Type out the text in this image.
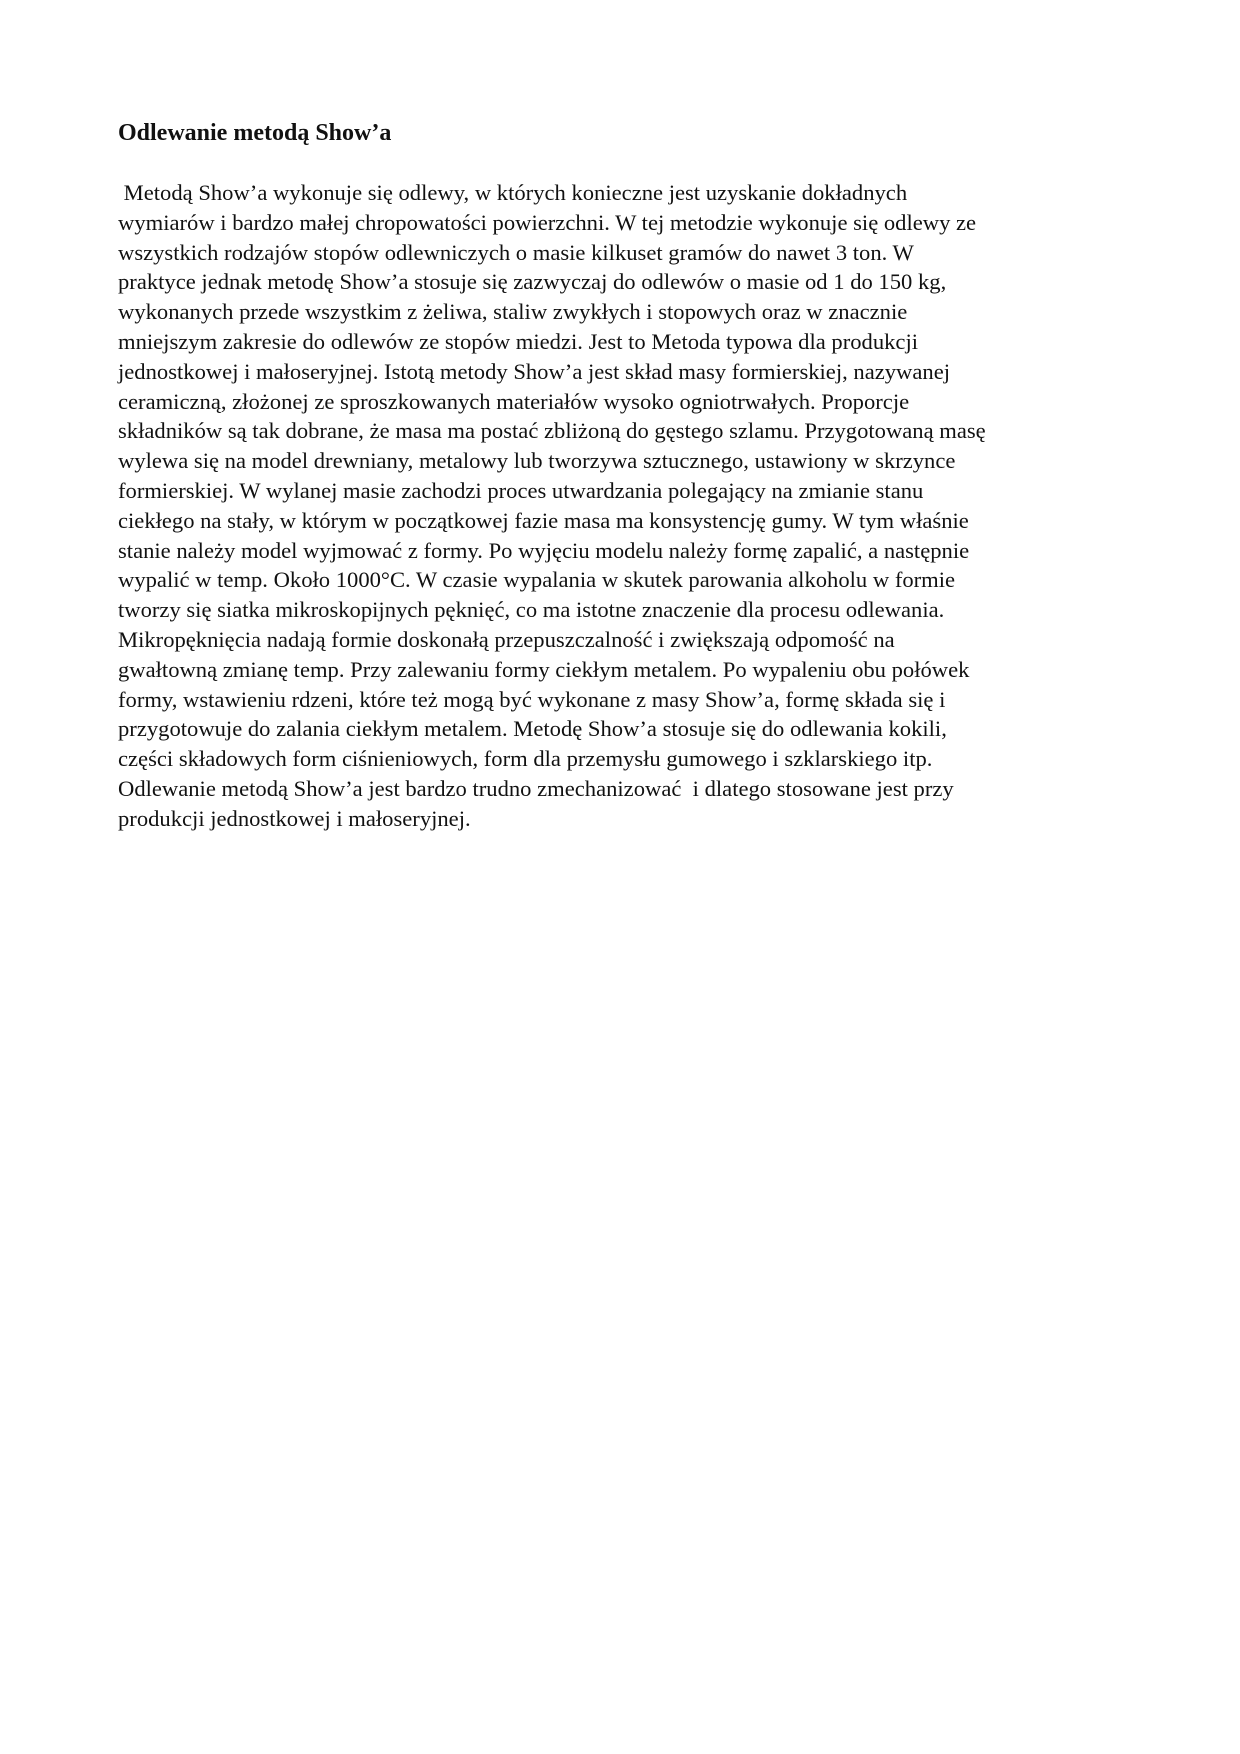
Odlewanie metodą Show’a
Metodą Show’a wykonuje się odlewy, w których konieczne jest uzyskanie dokładnych
wymiarów i bardzo małej chropowatości powierzchni. W tej metodzie wykonuje się odlewy ze
wszystkich rodzajów stopów odlewniczych o masie kilkuset gramów do nawet 3 ton. W
praktyce jednak metodę Show’a stosuje się zazwyczaj do odlewów o masie od 1 do 150 kg,
wykonanych przede wszystkim z żeliwa, staliw zwykłych i stopowych oraz w znacznie
mniejszym zakresie do odlewów ze stopów miedzi. Jest to Metoda typowa dla produkcji
jednostkowej i małoseryjnej. Istotą metody Show’a jest skład masy formierskiej, nazywanej
ceramiczną, złożonej ze sproszkowanych materiałów wysoko ogniotrwałych. Proporcje
składników są tak dobrane, że masa ma postać zbliżoną do gęstego szlamu. Przygotowaną masę
wylewa się na model drewniany, metalowy lub tworzywa sztucznego, ustawiony w skrzynce
formierskiej. W wylanej masie zachodzi proces utwardzania polegający na zmianie stanu
ciekłego na stały, w którym w początkowej fazie masa ma konsystencję gumy. W tym właśnie
stanie należy model wyjmować z formy. Po wyjęciu modelu należy formę zapalić, a następnie
wypalić w temp. Około 1000°C. W czasie wypalania w skutek parowania alkoholu w formie
tworzy się siatka mikroskopijnych pęknięć, co ma istotne znaczenie dla procesu odlewania.
Mikropęknięcia nadają formie doskonałą przepuszczalność i zwiększają odpomość na
gwałtowną zmianę temp. Przy zalewaniu formy ciekłym metalem. Po wypaleniu obu połówek
formy, wstawieniu rdzeni, które też mogą być wykonane z masy Show’a, formę składa się i
przygotowuje do zalania ciekłym metalem. Metodę Show’a stosuje się do odlewania kokili,
części składowych form ciśnieniowych, form dla przemysłu gumowego i szklarskiego itp.
Odlewanie metodą Show’a jest bardzo trudno zmechanizować  i dlatego stosowane jest przy
produkcji jednostkowej i małoseryjnej.
